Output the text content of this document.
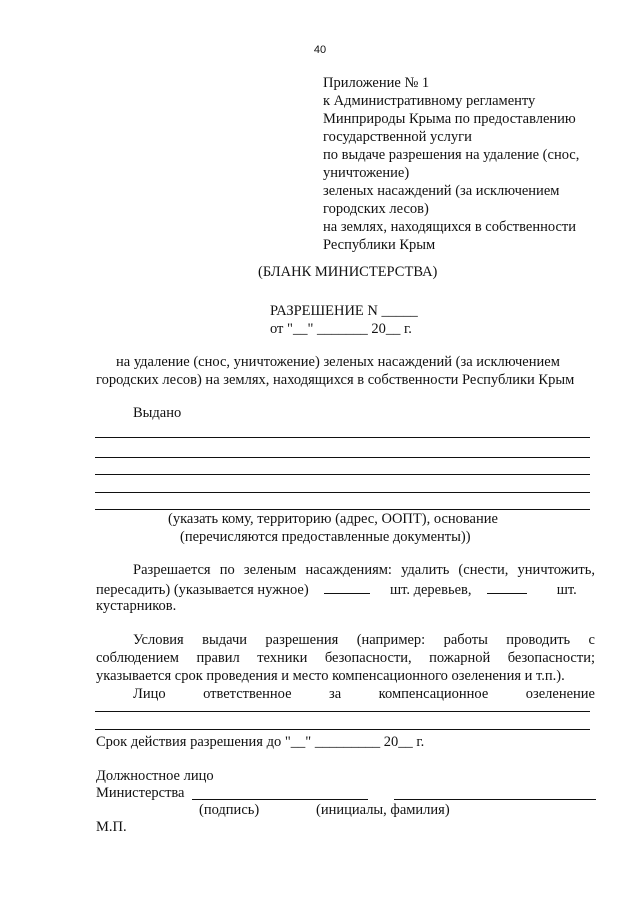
40
Приложение № 1
к Административному регламенту
Минприроды Крыма по предоставлению
государственной услуги
по выдаче разрешения на удаление (снос,
уничтожение)
зеленых насаждений (за исключением
городских лесов)
на землях, находящихся в собственности
Республики Крым
(БЛАНК МИНИСТЕРСТВА)
РАЗРЕШЕНИЕ N _____
от "__" _______ 20__ г.
на удаление (снос, уничтожение) зеленых насаждений (за исключением
городских лесов) на землях, находящихся в собственности Республики Крым
Выдано
(указать кому, территорию (адрес, ООПТ), основание
(перечисляются предоставленные документы))
Разрешается по зеленым насаждениям: удалить (снести, уничтожить,
пересадить) (указывается нужное)	шт. деревьев,	шт.
кустарников.
Условия выдачи разрешения (например: работы проводить с
соблюдением правил техники безопасности, пожарной безопасности;
указывается срок проведения и место компенсационного озеленения и т.п.).
Лицо ответственное за компенсационное озеленение
Срок действия разрешения до "__" _________ 20__ г.
Должностное лицо
Министерства
(подпись)	(инициалы, фамилия)
М.П.
